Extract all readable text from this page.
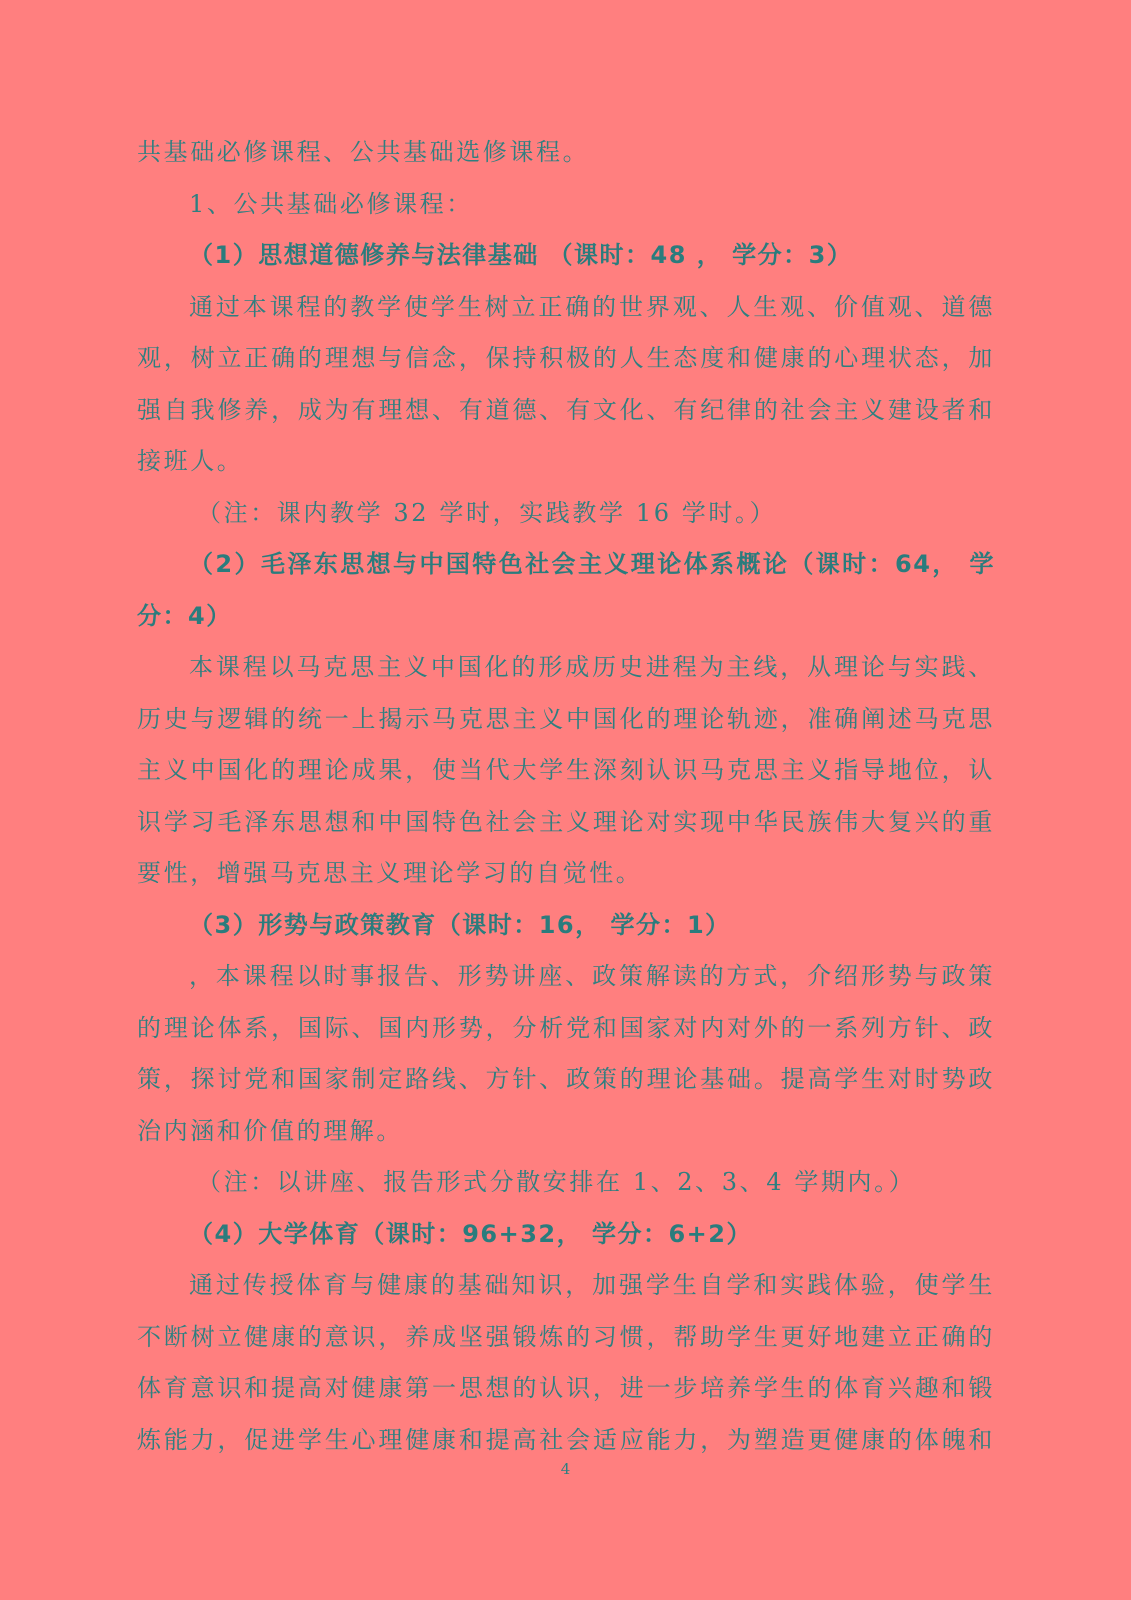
共基础必修课程、公共基础选修课程。
1、公共基础必修课程：
（1）思想道德修养与法律基础 （课时：48 ， 学分：3）
通过本课程的教学使学生树立正确的世界观、人生观、价值观、道德
观，树立正确的理想与信念，保持积极的人生态度和健康的心理状态，加
强自我修养，成为有理想、有道德、有文化、有纪律的社会主义建设者和
接班人。
（注：课内教学 32 学时，实践教学 16 学时。）
（2）毛泽东思想与中国特色社会主义理论体系概论（课时：64， 学
分：4）
本课程以马克思主义中国化的形成历史进程为主线，从理论与实践、
历史与逻辑的统一上揭示马克思主义中国化的理论轨迹，准确阐述马克思
主义中国化的理论成果，使当代大学生深刻认识马克思主义指导地位，认
识学习毛泽东思想和中国特色社会主义理论对实现中华民族伟大复兴的重
要性，增强马克思主义理论学习的自觉性。
（3）形势与政策教育（课时：16， 学分：1）
，本课程以时事报告、形势讲座、政策解读的方式，介绍形势与政策
的理论体系，国际、国内形势，分析党和国家对内对外的一系列方针、政
策，探讨党和国家制定路线、方针、政策的理论基础。提高学生对时势政
治内涵和价值的理解。
（注：以讲座、报告形式分散安排在 1、2、3、4 学期内。）
（4）大学体育（课时：96+32， 学分：6+2）
通过传授体育与健康的基础知识，加强学生自学和实践体验，使学生
不断树立健康的意识，养成坚强锻炼的习惯，帮助学生更好地建立正确的
体育意识和提高对健康第一思想的认识，进一步培养学生的体育兴趣和锻
炼能力，促进学生心理健康和提高社会适应能力，为塑造更健康的体魄和
4
